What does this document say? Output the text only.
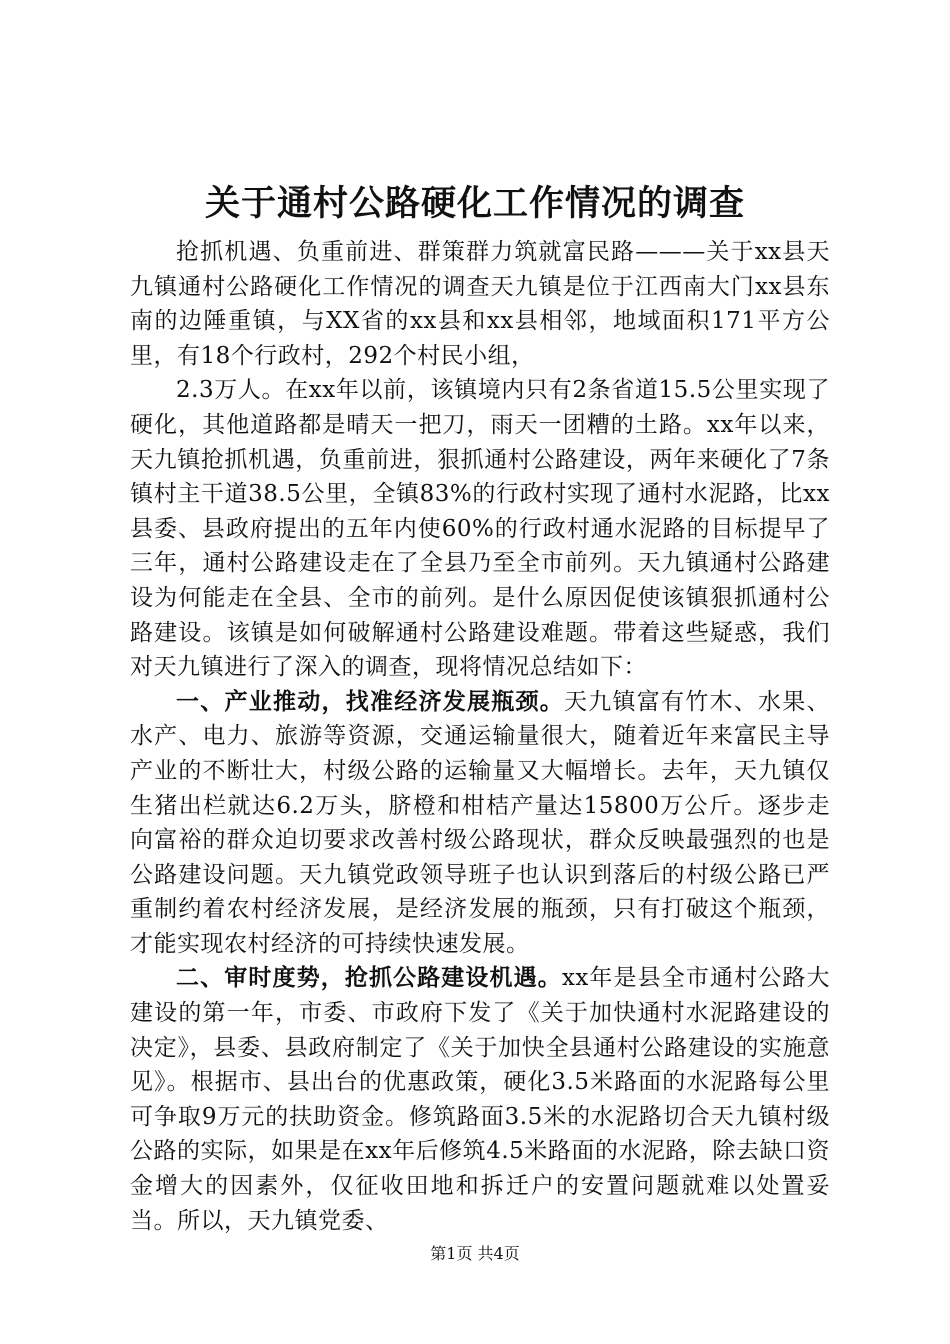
关于通村公路硬化工作情况的调查

抢抓机遇、负重前进、群策群力筑就富民路———关于xx县天九镇通村公路硬化工作情况的调查天九镇是位于江西南大门xx县东南的边陲重镇，与XX省的xx县和xx县相邻，地域面积171平方公里，有18个行政村，292个村民小组，

2.3万人。在xx年以前，该镇境内只有2条省道15.5公里实现了硬化，其他道路都是晴天一把刀，雨天一团糟的土路。xx年以来，天九镇抢抓机遇，负重前进，狠抓通村公路建设，两年来硬化了7条镇村主干道38.5公里，全镇83%的行政村实现了通村水泥路，比xx县委、县政府提出的五年内使60%的行政村通水泥路的目标提早了三年，通村公路建设走在了全县乃至全市前列。天九镇通村公路建设为何能走在全县、全市的前列。是什么原因促使该镇狠抓通村公路建设。该镇是如何破解通村公路建设难题。带着这些疑惑，我们对天九镇进行了深入的调查，现将情况总结如下：

一、产业推动，找准经济发展瓶颈。天九镇富有竹木、水果、水产、电力、旅游等资源，交通运输量很大，随着近年来富民主导产业的不断壮大，村级公路的运输量又大幅增长。去年，天九镇仅生猪出栏就达6.2万头，脐橙和柑桔产量达15800万公斤。逐步走向富裕的群众迫切要求改善村级公路现状，群众反映最强烈的也是公路建设问题。天九镇党政领导班子也认识到落后的村级公路已严重制约着农村经济发展，是经济发展的瓶颈，只有打破这个瓶颈，才能实现农村经济的可持续快速发展。

二、审时度势，抢抓公路建设机遇。xx年是县全市通村公路大建设的第一年，市委、市政府下发了《关于加快通村水泥路建设的决定》，县委、县政府制定了《关于加快全县通村公路建设的实施意见》。根据市、县出台的优惠政策，硬化3.5米路面的水泥路每公里可争取9万元的扶助资金。修筑路面3.5米的水泥路切合天九镇村级公路的实际，如果是在xx年后修筑4.5米路面的水泥路，除去缺口资金增大的因素外，仅征收田地和拆迁户的安置问题就难以处置妥当。所以，天九镇党委、

第1页 共4页
